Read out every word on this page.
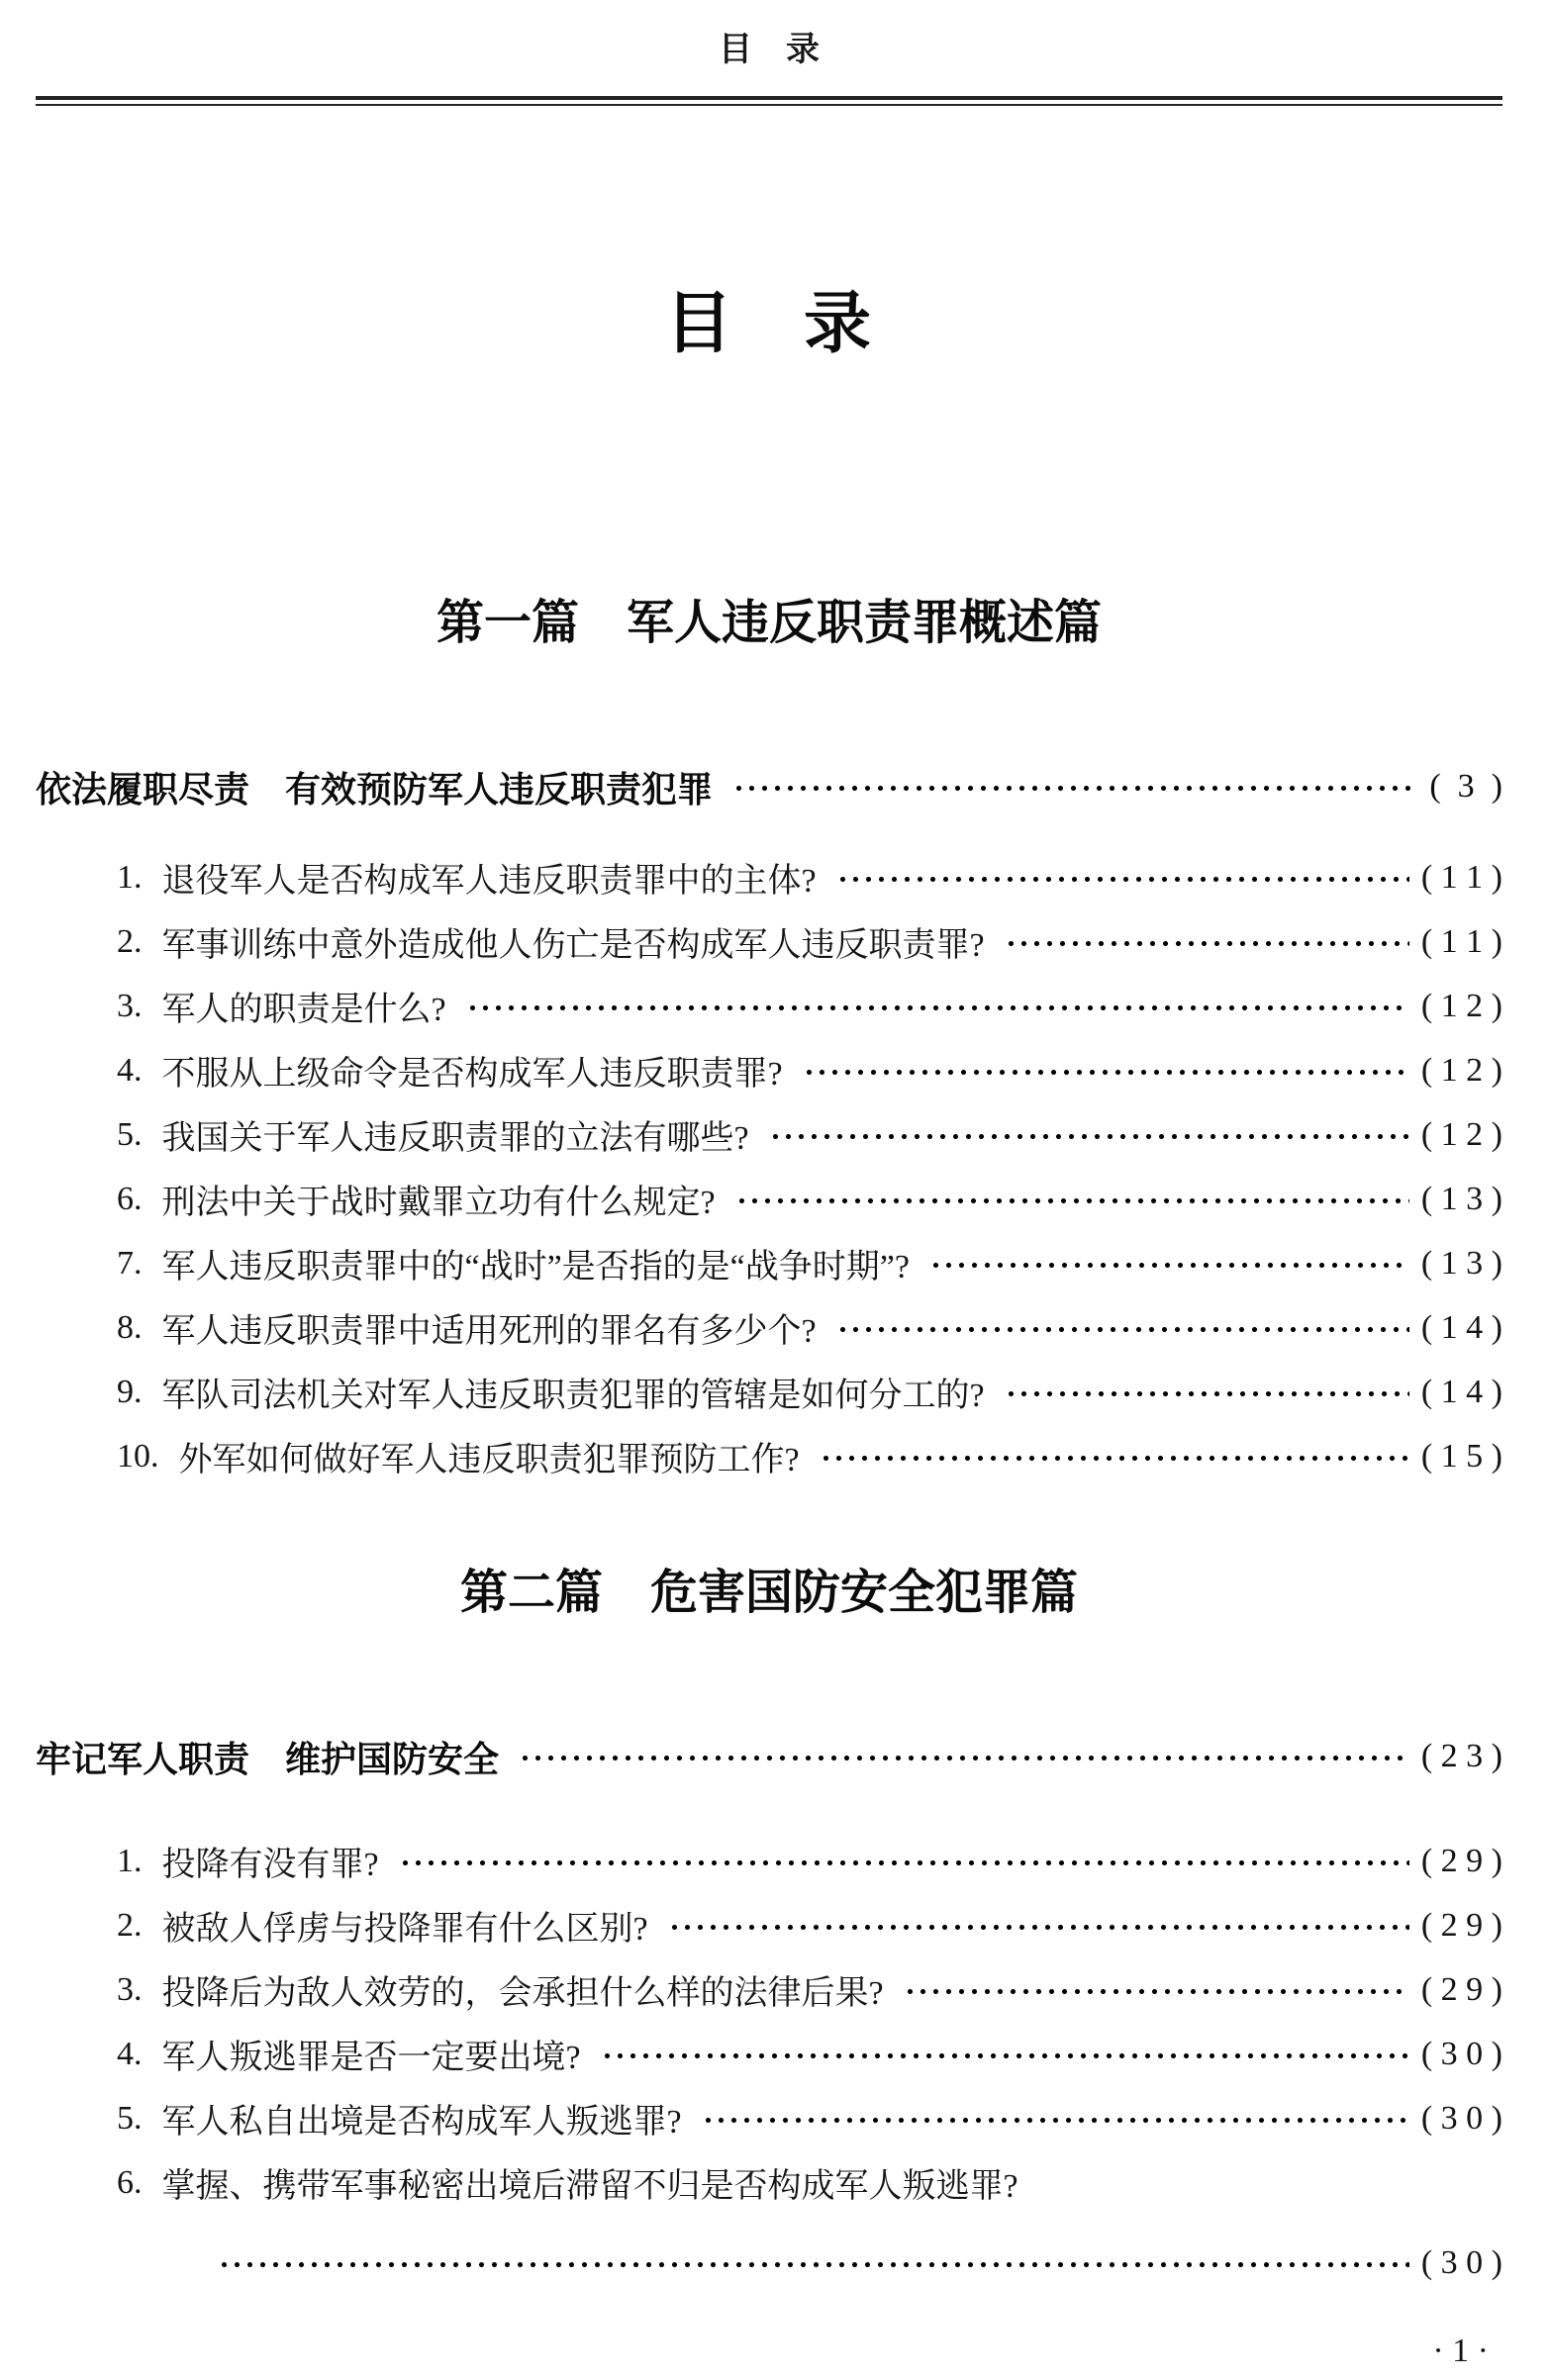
目　录
目　录
第一篇　军人违反职责罪概述篇
依法履职尽责　有效预防军人违反职责犯罪	(  3  )
1. 退役军人是否构成军人违反职责罪中的主体?	( 1 1 )
2. 军事训练中意外造成他人伤亡是否构成军人违反职责罪?	( 1 1 )
3. 军人的职责是什么?	( 1 2 )
4. 不服从上级命令是否构成军人违反职责罪?	( 1 2 )
5. 我国关于军人违反职责罪的立法有哪些?	( 1 2 )
6. 刑法中关于战时戴罪立功有什么规定?	( 1 3 )
7. 军人违反职责罪中的“战时”是否指的是“战争时期”?	( 1 3 )
8. 军人违反职责罪中适用死刑的罪名有多少个?	( 1 4 )
9. 军队司法机关对军人违反职责犯罪的管辖是如何分工的?	( 1 4 )
10. 外军如何做好军人违反职责犯罪预防工作?	( 1 5 )
第二篇　危害国防安全犯罪篇
牢记军人职责　维护国防安全	( 2 3 )
1. 投降有没有罪?	( 2 9 )
2. 被敌人俘虏与投降罪有什么区别?	( 2 9 )
3. 投降后为敌人效劳的，会承担什么样的法律后果?	( 2 9 )
4. 军人叛逃罪是否一定要出境?	( 3 0 )
5. 军人私自出境是否构成军人叛逃罪?	( 3 0 )
6. 掌握、携带军事秘密出境后滞留不归是否构成军人叛逃罪?
( 3 0 )
· 1 ·
